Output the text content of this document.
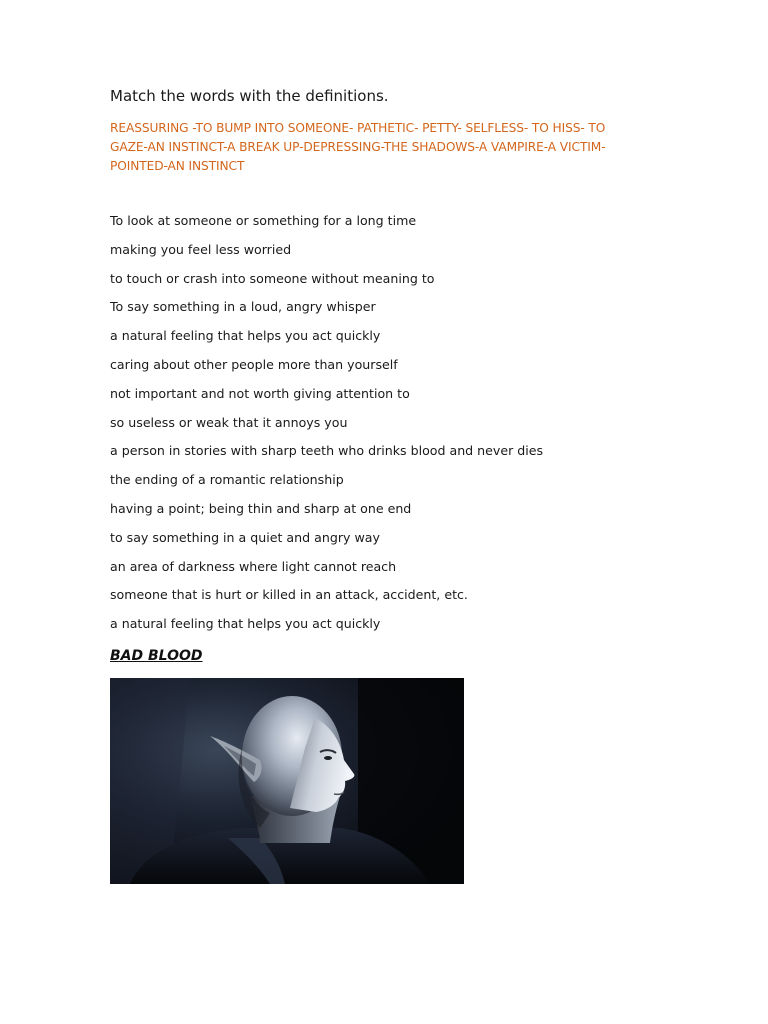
Match the words with the definitions.
REASSURING -TO BUMP INTO SOMEONE- PATHETIC- PETTY- SELFLESS- TO HISS- TO
GAZE-AN INSTINCT-A BREAK UP-DEPRESSING-THE SHADOWS-A VAMPIRE-A VICTIM-
POINTED-AN INSTINCT
To look at someone or something for a long time
making you feel less worried
to touch or crash into someone without meaning to
To say something in a loud, angry whisper
a natural feeling that helps you act quickly
caring about other people more than yourself
not important and not worth giving attention to
so useless or weak that it annoys you
a person in stories with sharp teeth who drinks blood and never dies
the ending of a romantic relationship
having a point; being thin and sharp at one end
to say something in a quiet and angry way
an area of darkness where light cannot reach
someone that is hurt or killed in an attack, accident, etc.
a natural feeling that helps you act quickly
BAD BLOOD
